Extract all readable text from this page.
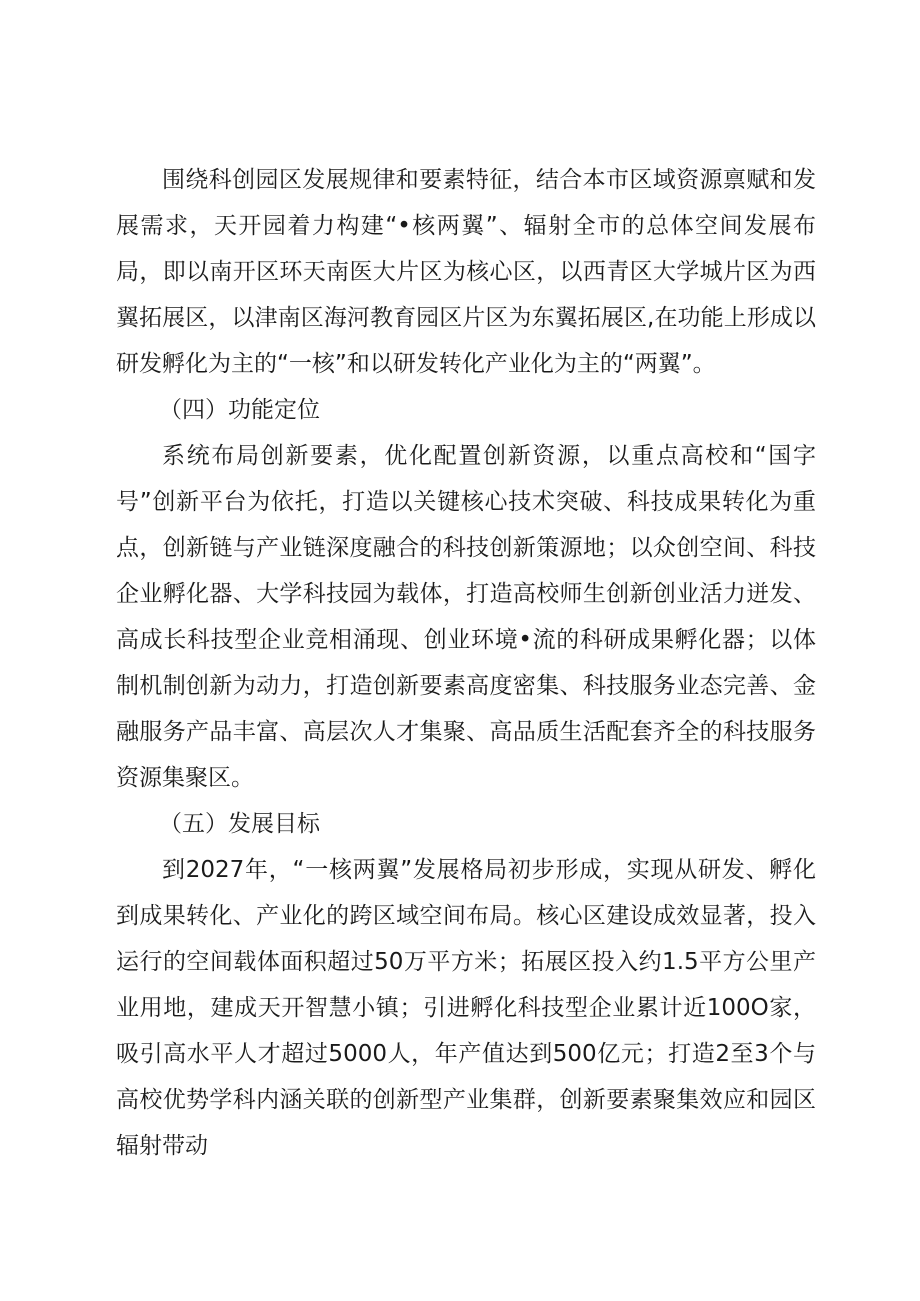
围绕科创园区发展规律和要素特征，结合本市区域资源禀赋和发展需求，天开园着力构建“•核两翼”、辐射全市的总体空间发展布局，即以南开区环天南医大片区为核心区，以西青区大学城片区为西翼拓展区，以津南区海河教育园区片区为东翼拓展区,在功能上形成以研发孵化为主的“一核”和以研发转化产业化为主的“两翼”。

（四）功能定位

系统布局创新要素，优化配置创新资源，以重点高校和“国字号”创新平台为依托，打造以关键核心技术突破、科技成果转化为重点，创新链与产业链深度融合的科技创新策源地；以众创空间、科技企业孵化器、大学科技园为载体，打造高校师生创新创业活力迸发、高成长科技型企业竞相涌现、创业环境•流的科研成果孵化器；以体制机制创新为动力，打造创新要素高度密集、科技服务业态完善、金融服务产品丰富、高层次人才集聚、高品质生活配套齐全的科技服务资源集聚区。

（五）发展目标

到2027年，“一核两翼”发展格局初步形成，实现从研发、孵化到成果转化、产业化的跨区域空间布局。核心区建设成效显著，投入运行的空间载体面积超过50万平方米；拓展区投入约1.5平方公里产业用地，建成天开智慧小镇；引进孵化科技型企业累计近100O家，吸引高水平人才超过5000人，年产值达到500亿元；打造2至3个与高校优势学科内涵关联的创新型产业集群，创新要素聚集效应和园区辐射带动
